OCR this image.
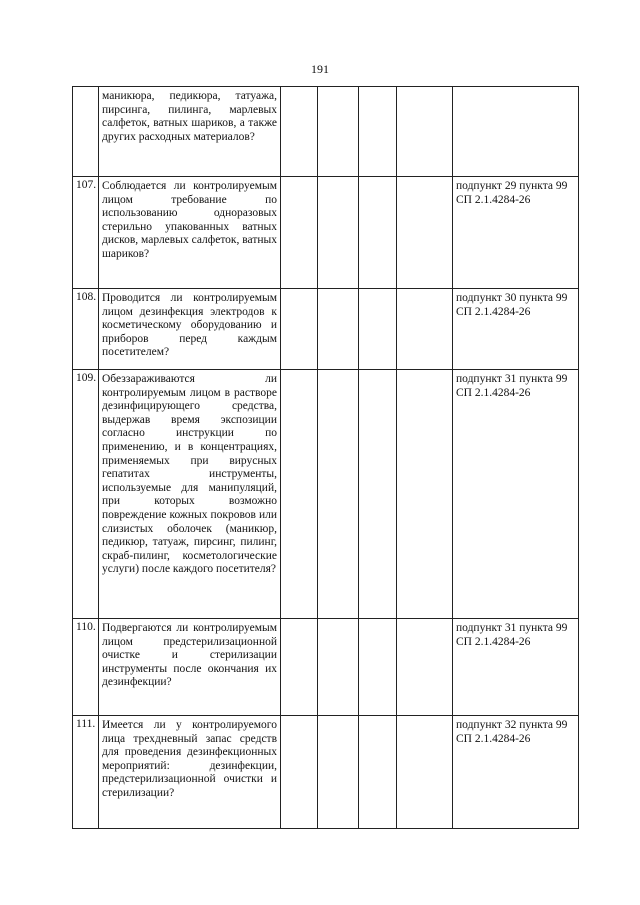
191

	маникюра, педикюра, татуажа, пирсинга, пилинга, марлевых салфеток, ватных шариков, а также других расходных материалов?					

107.	Соблюдается ли контролируемым лицом требование по использованию одноразовых стерильно упакованных ватных дисков, марлевых салфеток, ватных шариков?					подпункт 29 пункта 99 СП 2.1.4284-26
108.	Проводится ли контролируемым лицом дезинфекция электродов к косметическому оборудованию и приборов перед каждым посетителем?					подпункт 30 пункта 99 СП 2.1.4284-26
109.	Обеззараживаются ли контролируемым лицом в растворе дезинфицирующего средства, выдержав время экспозиции согласно инструкции по применению, и в концентрациях, применяемых при вирусных гепатитах инструменты, используемые для манипуляций, при которых возможно повреждение кожных покровов или слизистых оболочек (маникюр, педикюр, татуаж, пирсинг, пилинг, скраб-пилинг, косметологические услуги) после каждого посетителя?					подпункт 31 пункта 99 СП 2.1.4284-26
110.	Подвергаются ли контролируемым лицом предстерилизационной очистке и стерилизации инструменты после окончания их дезинфекции?					подпункт 31 пункта 99 СП 2.1.4284-26
111.	Имеется ли у контролируемого лица трехдневный запас средств для проведения дезинфекционных мероприятий: дезинфекции, предстерилизационной очистки и стерилизации?					подпункт 32 пункта 99 СП 2.1.4284-26
